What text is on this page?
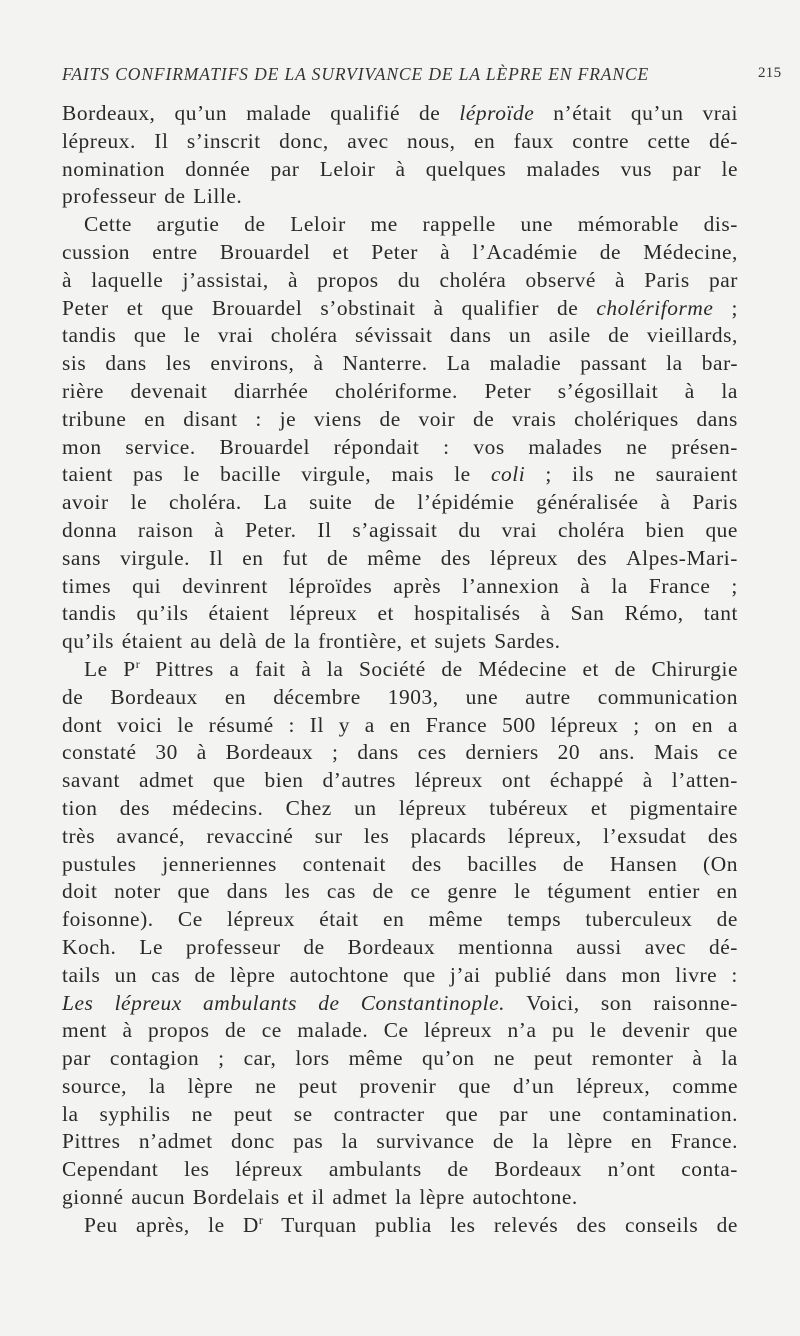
FAITS CONFIRMATIFS DE LA SURVIVANCE DE LA LÈPRE EN FRANCE	215
Bordeaux, qu’un malade qualifié de léproïde n’était qu’un vrai
lépreux. Il s’inscrit donc, avec nous, en faux contre cette dé-
nomination donnée par Leloir à quelques malades vus par le
professeur de Lille.
Cette argutie de Leloir me rappelle une mémorable dis-
cussion entre Brouardel et Peter à l’Académie de Médecine,
à laquelle j’assistai, à propos du choléra observé à Paris par
Peter et que Brouardel s’obstinait à qualifier de cholériforme ;
tandis que le vrai choléra sévissait dans un asile de vieillards,
sis dans les environs, à Nanterre. La maladie passant la bar-
rière devenait diarrhée cholériforme. Peter s’égosillait à la
tribune en disant : je viens de voir de vrais cholériques dans
mon service. Brouardel répondait : vos malades ne présen-
taient pas le bacille virgule, mais le coli ; ils ne sauraient
avoir le choléra. La suite de l’épidémie généralisée à Paris
donna raison à Peter. Il s’agissait du vrai choléra bien que
sans virgule. Il en fut de même des lépreux des Alpes-Mari-
times qui devinrent léproïdes après l’annexion à la France ;
tandis qu’ils étaient lépreux et hospitalisés à San Rémo, tant
qu’ils étaient au delà de la frontière, et sujets Sardes.
Le $P^r$ Pittres a fait à la Société de Médecine et de Chirurgie
de Bordeaux en décembre 1903, une autre communication
dont voici le résumé : Il y a en France 500 lépreux ; on en a
constaté 30 à Bordeaux ; dans ces derniers 20 ans. Mais ce
savant admet que bien d’autres lépreux ont échappé à l’atten-
tion des médecins. Chez un lépreux tubéreux et pigmentaire
très avancé, revacciné sur les placards lépreux, l’exsudat des
pustules jenneriennes contenait des bacilles de Hansen (On
doit noter que dans les cas de ce genre le tégument entier en
foisonne). Ce lépreux était en même temps tuberculeux de
Koch. Le professeur de Bordeaux mentionna aussi avec dé-
tails un cas de lèpre autochtone que j’ai publié dans mon livre :
Les lépreux ambulants de Constantinople. Voici, son raisonne-
ment à propos de ce malade. Ce lépreux n’a pu le devenir que
par contagion ; car, lors même qu’on ne peut remonter à la
source, la lèpre ne peut provenir que d’un lépreux, comme
la syphilis ne peut se contracter que par une contamination.
Pittres n’admet donc pas la survivance de la lèpre en France.
Cependant les lépreux ambulants de Bordeaux n’ont conta-
gionné aucun Bordelais et il admet la lèpre autochtone.
Peu après, le $D^r$ Turquan publia les relevés des conseils de
